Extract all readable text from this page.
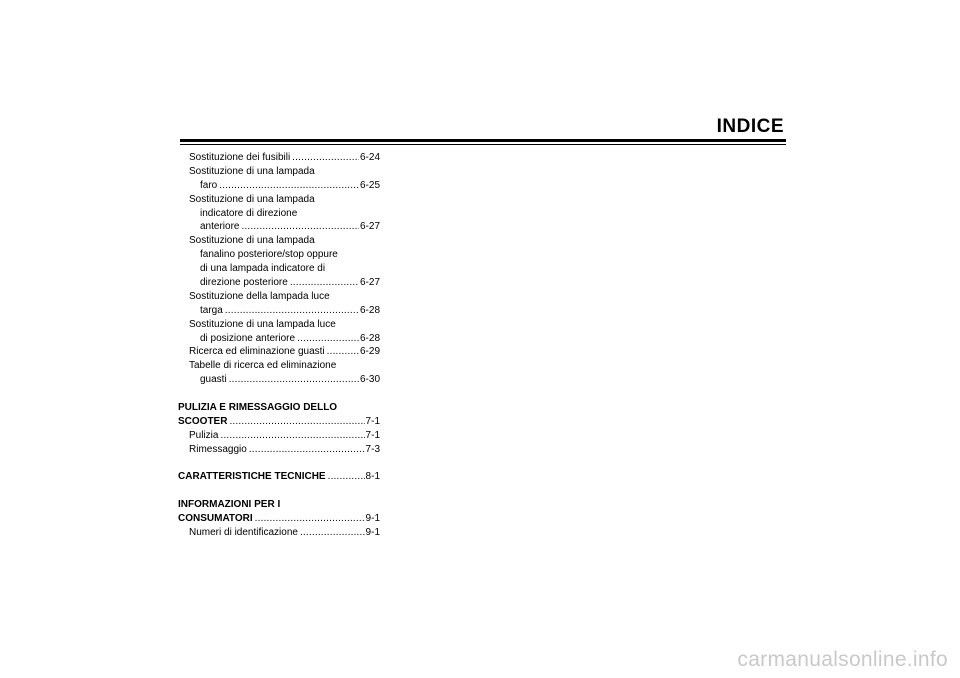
INDICE
Sostituzione dei fusibili .....	6-24
Sostituzione di una lampada
faro .....	6-25
Sostituzione di una lampada
indicatore di direzione
anteriore .....	6-27
Sostituzione di una lampada
fanalino posteriore/stop oppure
di una lampada indicatore di
direzione posteriore .....	6-27
Sostituzione della lampada luce
targa .....	6-28
Sostituzione di una lampada luce
di posizione anteriore .....	6-28
Ricerca ed eliminazione guasti .....	6-29
Tabelle di ricerca ed eliminazione
guasti .....	6-30
PULIZIA E RIMESSAGGIO DELLO
SCOOTER .....	7-1
Pulizia .....	7-1
Rimessaggio .....	7-3
CARATTERISTICHE TECNICHE .....	8-1
INFORMAZIONI PER I
CONSUMATORI .....	9-1
Numeri di identificazione .....	9-1
carmanualsonline.info
